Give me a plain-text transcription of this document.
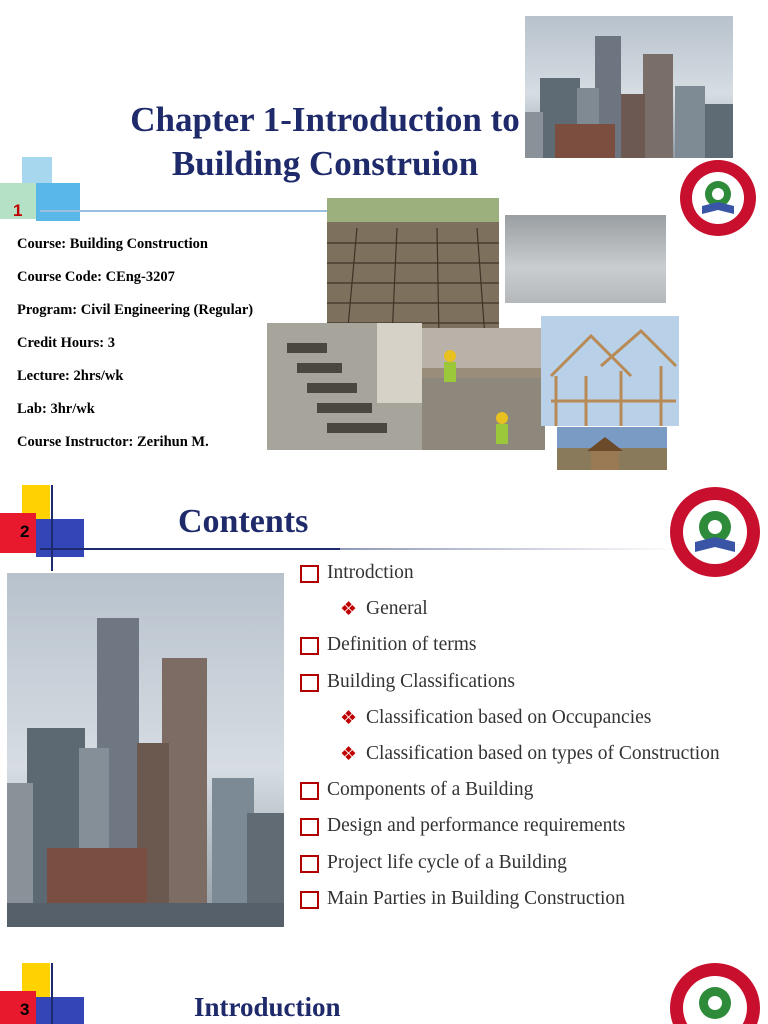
1
Chapter 1-Introduction to
Building Construion
Course: Building Construction
Course Code: CEng-3207
Program: Civil Engineering (Regular)
Credit Hours: 3
Lecture: 2hrs/wk
Lab: 3hr/wk
Course Instructor: Zerihun M.
2	Contents
Introdction
❖ General
Definition of terms
Building Classifications
❖ Classification based on Occupancies
❖ Classification based on types of Construction
Components of a Building
Design and performance requirements
Project life cycle of a Building
Main Parties in Building Construction
3	Introduction
